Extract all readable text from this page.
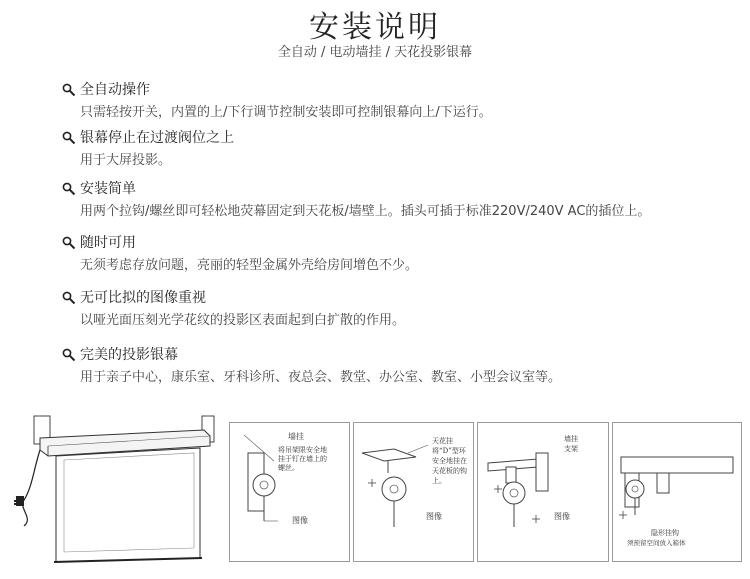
安装说明
全自动 / 电动墙挂 / 天花投影银幕
全自动操作
只需轻按开关，内置的上/下行调节控制安装即可控制银幕向上/下运行。
银幕停止在过渡阀位之上
用于大屏投影。
安装简单
用两个拉钩/螺丝即可轻松地荧幕固定到天花板/墙壁上。插头可插于标准220V/240V AC的插位上。
随时可用
无须考虑存放问题，亮丽的轻型金属外壳给房间增色不少。
无可比拟的图像重视
以哑光面压刻光学花纹的投影区表面起到白扩散的作用。
完美的投影银幕
用于亲子中心，康乐室、牙科诊所、夜总会、教堂、办公室、教室、小型会议室等。
墙挂
将吊架限安全地
挂于钉在墙上的
螺丝。
图像
天花挂
将“D”型环
安全地挂在
天花板的钩
上。
图像
墙挂
支架
图像
隐形挂钩
须预留空间放入箱体
